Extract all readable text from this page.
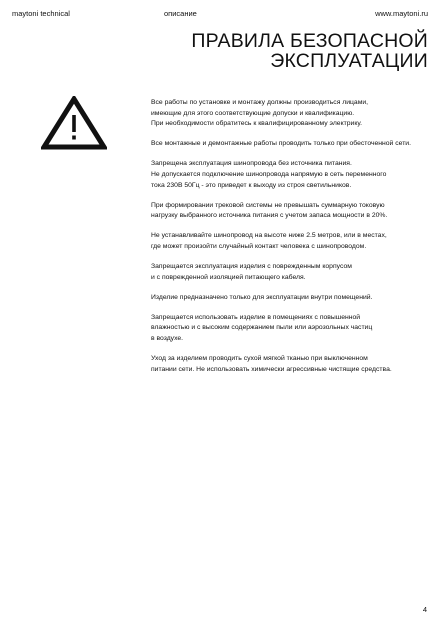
maytoni technical	описание	www.maytoni.ru
ПРАВИЛА БЕЗОПАСНОЙ
ЭКСПЛУАТАЦИИ

Все работы по установке и монтажу должны производиться лицами,
имеющие для этого соответствующие допуски и квалификацию.
При необходимости обратитесь к квалифицированному электрику.

Все монтажные и демонтажные работы проводить только при обесточенной сети.

Запрещена эксплуатация шинопровода без источника питания.
Не допускается подключение шинопровода напрямую в сеть переменного
тока 230В 50Гц - это приведет к выходу из строя светильников.

При формировании трековой системы не превышать суммарную токовую
нагрузку выбранного источника питания с учетом запаса мощности в 20%.

Не устанавливайте шинопровод на высоте ниже 2.5 метров, или в местах,
где может произойти случайный контакт человека с шинопроводом.

Запрещается эксплуатация изделия с поврежденным корпусом
и с поврежденной изоляцией питающего кабеля.

Изделие предназначено только для эксплуатации внутри помещений.

Запрещается использовать изделие в помещениях с повышенной
влажностью и с высоким содержанием пыли или аэрозольных частиц
в воздухе.

Уход за изделием проводить сухой мягкой тканью при выключенном
питании сети. Не использовать химически агрессивные чистящие средства.

4
